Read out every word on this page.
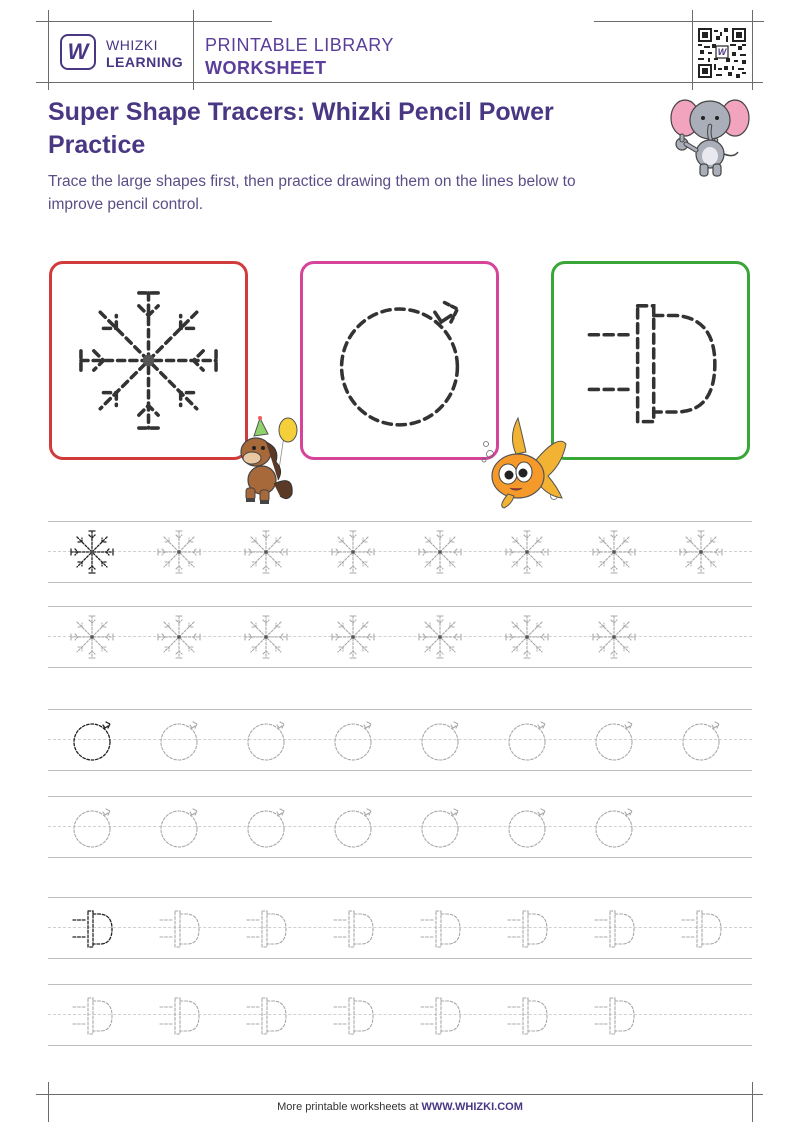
W WHIZKI
LEARNING
PRINTABLE LIBRARY
WORKSHEET
W
Super Shape Tracers: Whizki Pencil Power Practice

Trace the large shapes first, then practice drawing them on the lines below to improve pencil control.

More printable worksheets at WWW.WHIZKI.COM
